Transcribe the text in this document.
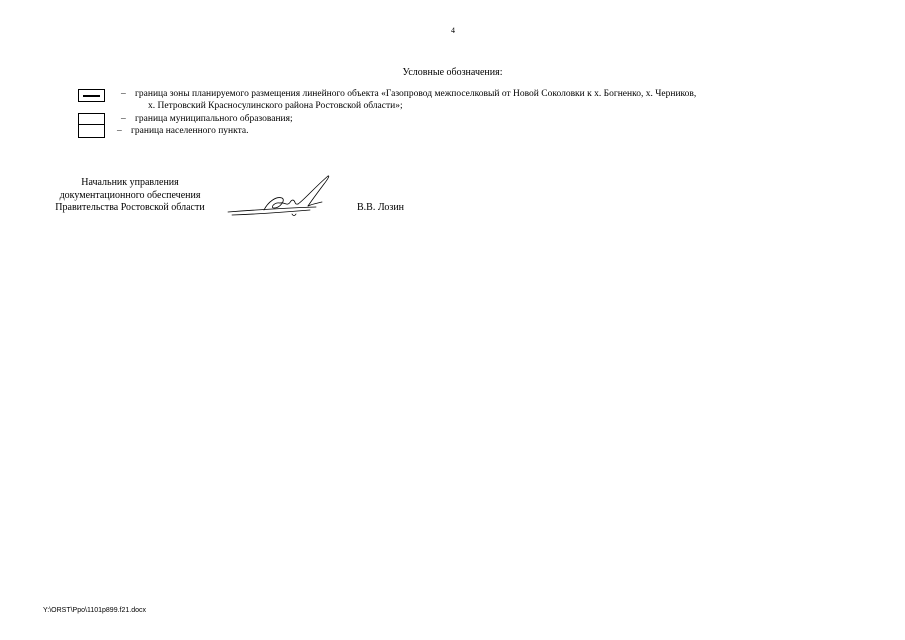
4
Условные обозначения:
– граница зоны планируемого размещения линейного объекта «Газопровод межпоселковый от Новой Соколовки к х. Богненко, х. Черников,
х. Петровский Красносулинского района Ростовской области»;
– граница муниципального образования;
– граница населенного пункта.
Начальник управления
документационного обеспечения
Правительства Ростовской области	В.В. Лозин
Y:\ORST\Ppo\1101p899.f21.docx
